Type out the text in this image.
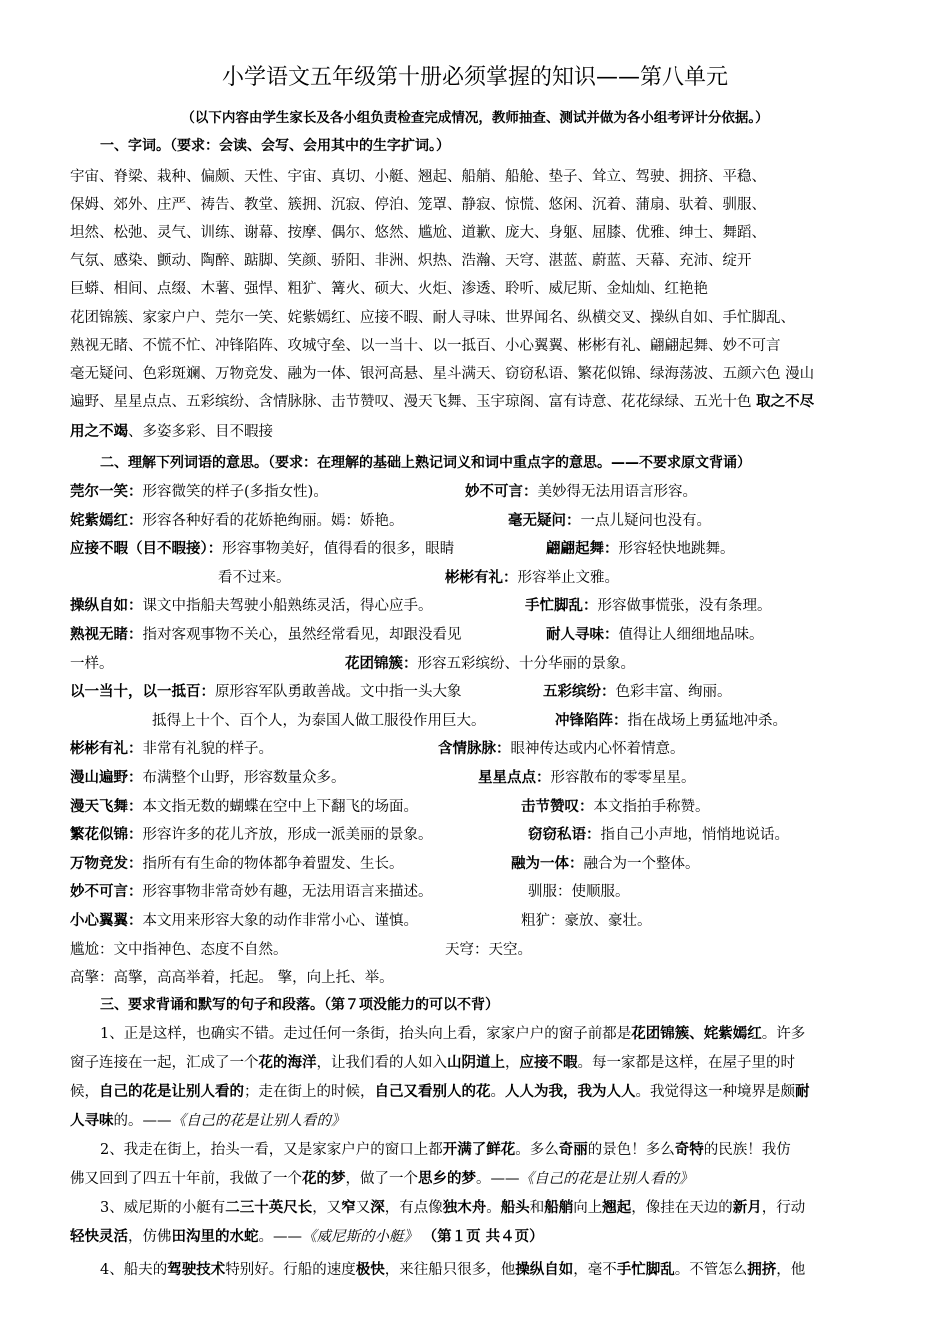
小学语文五年级第十册必须掌握的知识——第八单元
（以下内容由学生家长及各小组负责检查完成情况，教师抽查、测试并做为各小组考评计分依据。）
一、字词。（要求：会读、会写、会用其中的生字扩词。）
宇宙、脊梁、栽种、偏颇、天性、宇宙、真切、小艇、翘起、船艄、船舱、垫子、耸立、驾驶、拥挤、平稳、
保姆、郊外、庄严、祷告、教堂、簇拥、沉寂、停泊、笼罩、静寂、惊慌、悠闲、沉着、蒲扇、驮着、驯服、
坦然、松弛、灵气、训练、谢幕、按摩、偶尔、悠然、尴尬、道歉、庞大、身躯、屈膝、优雅、绅士、舞蹈、
气氛、感染、颤动、陶醉、踮脚、笑颜、骄阳、非洲、炽热、浩瀚、天穹、湛蓝、蔚蓝、天幕、充沛、绽开
巨蟒、相间、点缀、木薯、强悍、粗犷、篝火、硕大、火炬、渗透、聆听、威尼斯、金灿灿、红艳艳
花团锦簇、家家户户、莞尔一笑、姹紫嫣红、应接不暇、耐人寻味、世界闻名、纵横交叉、操纵自如、手忙脚乱、
熟视无睹、不慌不忙、冲锋陷阵、攻城守垒、以一当十、以一抵百、小心翼翼、彬彬有礼、翩翩起舞、妙不可言
毫无疑问、色彩斑斓、万物竞发、融为一体、银河高悬、星斗满天、窃窃私语、繁花似锦、绿海荡波、五颜六色 漫山
遍野、星星点点、五彩缤纷、含情脉脉、击节赞叹、漫天飞舞、玉宇琼阁、富有诗意、花花绿绿、五光十色 取之不尽
用之不竭、多姿多彩、目不暇接
二、理解下列词语的意思。（要求：在理解的基础上熟记词义和词中重点字的意思。——不要求原文背诵）
莞尔一笑：形容微笑的样子(多指女性)。	妙不可言：美妙得无法用语言形容。
姹紫嫣红：形容各种好看的花娇艳绚丽。嫣：娇艳。	毫无疑问：一点儿疑问也没有。
应接不暇（目不暇接）：形容事物美好，值得看的很多，眼睛	翩翩起舞：形容轻快地跳舞。
看不过来。	彬彬有礼：形容举止文雅。
操纵自如：课文中指船夫驾驶小船熟练灵活，得心应手。	手忙脚乱：形容做事慌张，没有条理。
熟视无睹：指对客观事物不关心，虽然经常看见，却跟没看见	耐人寻味：值得让人细细地品味。
一样。	花团锦簇：形容五彩缤纷、十分华丽的景象。
以一当十，以一抵百：原形容军队勇敢善战。文中指一头大象	五彩缤纷：色彩丰富、绚丽。
抵得上十个、百个人，为泰国人做工服役作用巨大。	冲锋陷阵：指在战场上勇猛地冲杀。
彬彬有礼：非常有礼貌的样子。	含情脉脉：眼神传达或内心怀着情意。
漫山遍野：布满整个山野，形容数量众多。	星星点点：形容散布的零零星星。
漫天飞舞：本文指无数的蝴蝶在空中上下翻飞的场面。	击节赞叹：本文指拍手称赞。
繁花似锦：形容许多的花儿齐放，形成一派美丽的景象。	窃窃私语：指自己小声地，悄悄地说话。
万物竞发：指所有有生命的物体都争着盟发、生长。	融为一体：融合为一个整体。
妙不可言：形容事物非常奇妙有趣，无法用语言来描述。	驯服：使顺服。
小心翼翼：本文用来形容大象的动作非常小心、谨慎。	粗犷：豪放、豪壮。
尴尬：文中指神色、态度不自然。	天穹：天空。
高擎：高擎，高高举着，托起。 擎，向上托、举。
三、要求背诵和默写的句子和段落。（第７项没能力的可以不背）
1、正是这样，也确实不错。走过任何一条街，抬头向上看，家家户户的窗子前都是花团锦簇、姹紫嫣红。许多
窗子连接在一起，汇成了一个花的海洋，让我们看的人如入山阴道上，应接不暇。每一家都是这样，在屋子里的时
候，自己的花是让别人看的；走在街上的时候，自己又看别人的花。人人为我，我为人人。我觉得这一种境界是颇耐
人寻味的。——《自己的花是让别人看的》
2、我走在街上，抬头一看，又是家家户户的窗口上都开满了鲜花。多么奇丽的景色！多么奇特的民族！我仿
佛又回到了四五十年前，我做了一个花的梦，做了一个思乡的梦。——《自己的花是让别人看的》
3、威尼斯的小艇有二三十英尺长，又窄又深，有点像独木舟。船头和船艄向上翘起，像挂在天边的新月，行动
轻快灵活，仿佛田沟里的水蛇。——《威尼斯的小艇》 （第１页 共４页）
4、船夫的驾驶技术特别好。行船的速度极快，来往船只很多，他操纵自如，毫不手忙脚乱。不管怎么拥挤，他
